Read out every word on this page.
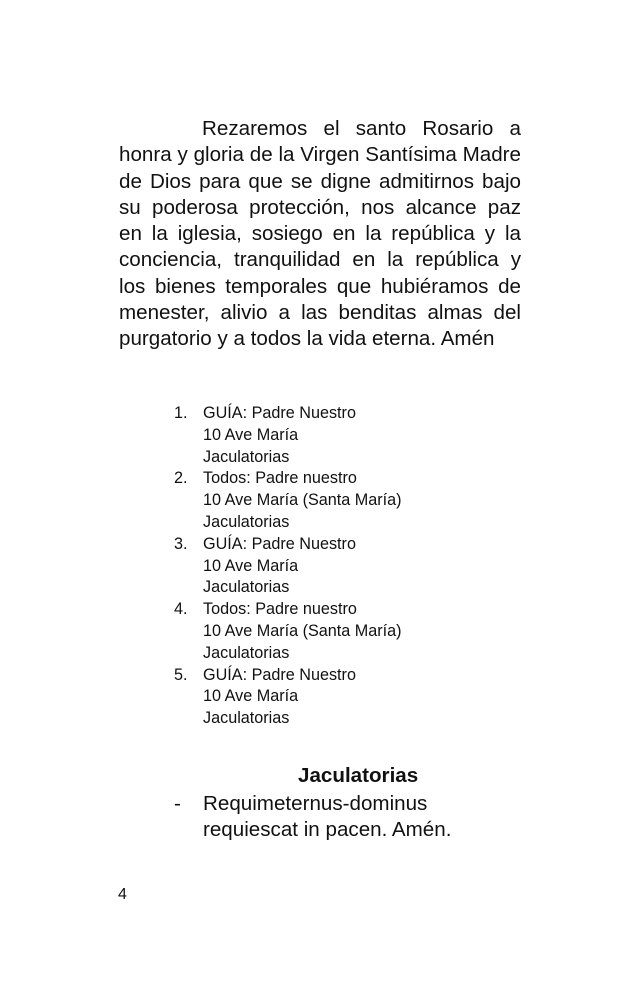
Rezaremos el santo Rosario a honra y gloria de la Virgen Santísima Madre de Dios para que se digne admitirnos bajo su poderosa protección, nos alcance paz en la iglesia, sosiego en la república y la conciencia, tranquilidad en la república y los bienes temporales que hubiéramos de menester, alivio a las benditas almas del purgatorio y a todos la vida eterna. Amén

1. GUÍA: Padre Nuestro
10 Ave María
Jaculatorias
2. Todos: Padre nuestro
10 Ave María (Santa María)
Jaculatorias
3. GUÍA: Padre Nuestro
10 Ave María
Jaculatorias
4. Todos: Padre nuestro
10 Ave María (Santa María)
Jaculatorias
5. GUÍA: Padre Nuestro
10 Ave María
Jaculatorias
Jaculatorias
-	Requimeternus-dominus
requiescat in pacen. Amén.
4
